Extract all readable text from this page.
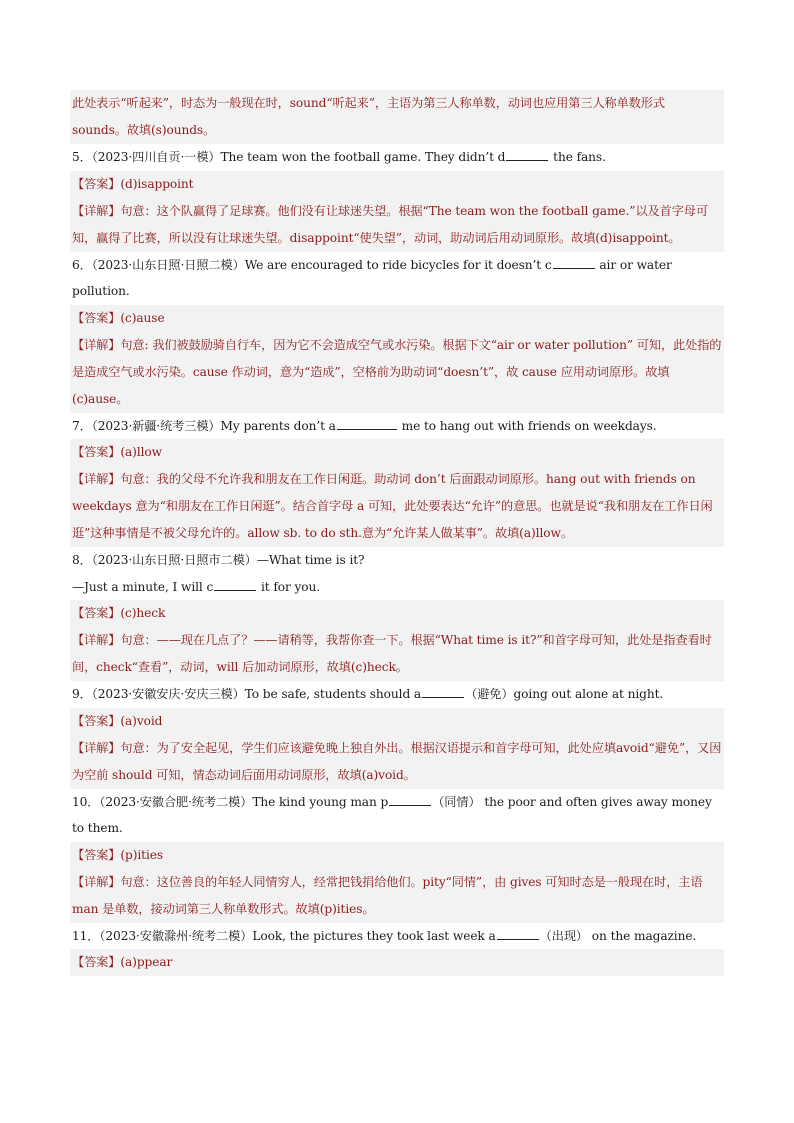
此处表示“听起来”，时态为一般现在时，sound“听起来”，主语为第三人称单数，动词也应用第三人称单数形式 sounds。故填(s)ounds。
5．（2023·四川自贡·一模）The team won the football game. They didn’t d	the fans.
【答案】(d)isappoint
【详解】句意：这个队赢得了足球赛。他们没有让球迷失望。根据“The team won the football game.”以及首字母可知，赢得了比赛，所以没有让球迷失望。disappoint“使失望”，动词，助动词后用动词原形。故填(d)isappoint。
6．（2023·山东日照·日照二模）We are encouraged to ride bicycles for it doesn’t c	air or water pollution.
【答案】(c)ause
【详解】句意: 我们被鼓励骑自行车，因为它不会造成空气或水污染。根据下文“air or water pollution” 可知，此处指的是造成空气或水污染。cause 作动词，意为“造成”，空格前为助动词“doesn’t”，故 cause 应用动词原形。故填(c)ause。
7．（2023·新疆·统考三模）My parents don’t a	me to hang out with friends on weekdays.
【答案】(a)llow
【详解】句意：我的父母不允许我和朋友在工作日闲逛。助动词 don’t 后面跟动词原形。hang out with friends on weekdays 意为“和朋友在工作日闲逛”。结合首字母 a 可知，此处要表达“允许”的意思。也就是说“我和朋友在工作日闲逛”这种事情是不被父母允许的。allow sb. to do sth.意为“允许某人做某事”。故填(a)llow。
8．（2023·山东日照·日照市二模）—What time is it?
—Just a minute, I will c	it for you.
【答案】(c)heck
【详解】句意：——现在几点了？——请稍等，我帮你查一下。根据“What time is it?”和首字母可知，此处是指查看时间，check“查看”，动词，will 后加动词原形，故填(c)heck。
9．（2023·安徽安庆·安庆三模）To be safe, students should a	（避免）going out alone at night.
【答案】(a)void
【详解】句意：为了安全起见，学生们应该避免晚上独自外出。根据汉语提示和首字母可知，此处应填avoid“避免”，又因为空前 should 可知，情态动词后面用动词原形，故填(a)void。
10．（2023·安徽合肥·统考二模）The kind young man p	（同情） the poor and often gives away money to them.
【答案】(p)ities
【详解】句意：这位善良的年轻人同情穷人，经常把钱捐给他们。pity“同情”，由 gives 可知时态是一般现在时，主语 man 是单数，接动词第三人称单数形式。故填(p)ities。
11．（2023·安徽滁州·统考二模）Look, the pictures they took last week a	（出现） on the magazine.
【答案】(a)ppear
